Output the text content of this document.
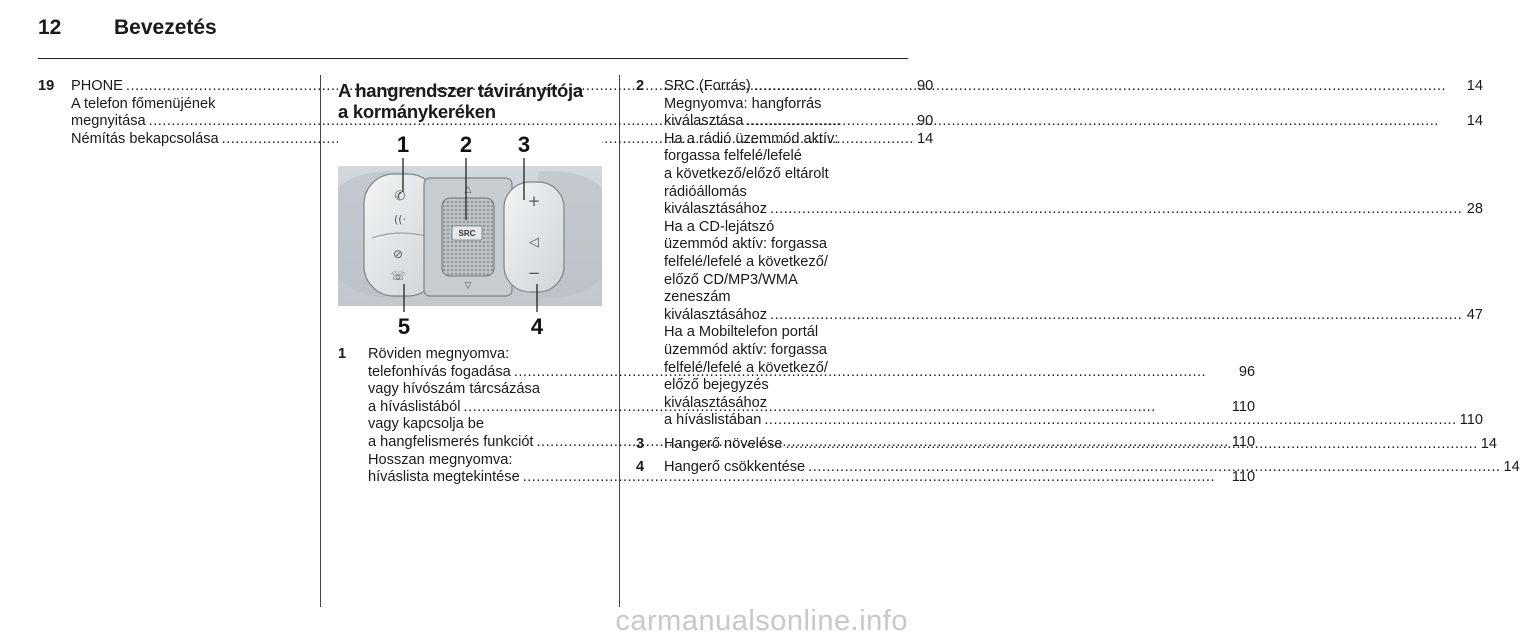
12	Bevezetés
19	PHONE .....	90
A telefon főmenüjének
megnyitása .....	90
Némítás bekapcsolása .....	14
A hangrendszer távirányítója
a kormánykeréken
✆
((·
⊘
☏
SRC
△
▽
+
◁
−
1 2 3
4
5
1	Röviden megnyomva:
telefonhívás fogadása .....	96
vagy hívószám tárcsázása
a híváslistából .....	110
vagy kapcsolja be
a hangfelismerés funkciót .....	110
Hosszan megnyomva:
híváslista megtekintése .....	110
2	SRC (Forrás) .....	14
Megnyomva: hangforrás
kiválasztása .....	14
Ha a rádió üzemmód aktív:
forgassa felfelé/lefelé
a következő/előző eltárolt
rádióállomás
kiválasztásához .....	28
Ha a CD-lejátszó
üzemmód aktív: forgassa
felfelé/lefelé a következő/
előző CD/MP3/WMA
zeneszám
kiválasztásához .....	47
Ha a Mobiltelefon portál
üzemmód aktív: forgassa
felfelé/lefelé a következő/
előző bejegyzés
kiválasztásához
a híváslistában .....	110
3	Hangerő növelése .....	14
4	Hangerő csökkentése .....	14
carmanualsonline.info
